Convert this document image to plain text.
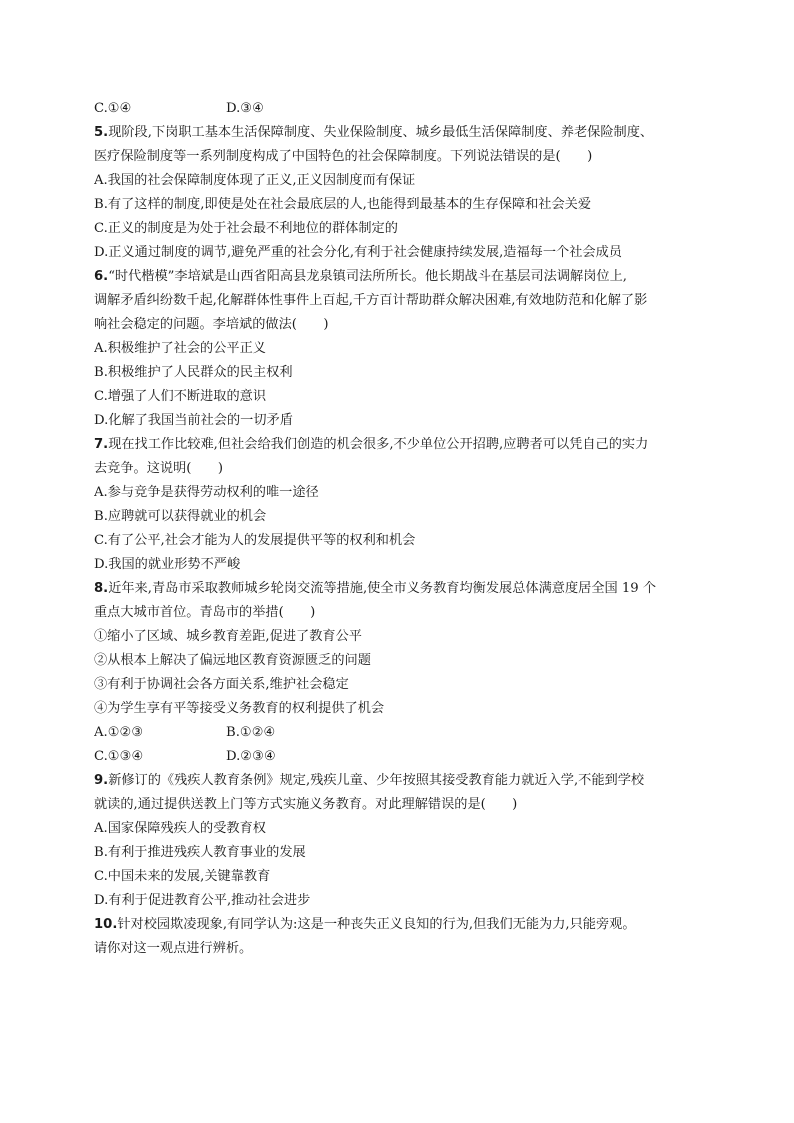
C.①④	D.③④
5.现阶段,下岗职工基本生活保障制度、失业保险制度、城乡最低生活保障制度、养老保险制度、
医疗保险制度等一系列制度构成了中国特色的社会保障制度。下列说法错误的是(　　)
A.我国的社会保障制度体现了正义,正义因制度而有保证
B.有了这样的制度,即使是处在社会最底层的人,也能得到最基本的生存保障和社会关爱
C.正义的制度是为处于社会最不利地位的群体制定的
D.正义通过制度的调节,避免严重的社会分化,有利于社会健康持续发展,造福每一个社会成员
6.“时代楷模”李培斌是山西省阳高县龙泉镇司法所所长。他长期战斗在基层司法调解岗位上,
调解矛盾纠纷数千起,化解群体性事件上百起,千方百计帮助群众解决困难,有效地防范和化解了影
响社会稳定的问题。李培斌的做法(　　)
A.积极维护了社会的公平正义
B.积极维护了人民群众的民主权利
C.增强了人们不断进取的意识
D.化解了我国当前社会的一切矛盾
7.现在找工作比较难,但社会给我们创造的机会很多,不少单位公开招聘,应聘者可以凭自己的实力
去竞争。这说明(　　)
A.参与竞争是获得劳动权利的唯一途径
B.应聘就可以获得就业的机会
C.有了公平,社会才能为人的发展提供平等的权利和机会
D.我国的就业形势不严峻
8.近年来,青岛市采取教师城乡轮岗交流等措施,使全市义务教育均衡发展总体满意度居全国 19 个
重点大城市首位。青岛市的举措(　　)
①缩小了区域、城乡教育差距,促进了教育公平
②从根本上解决了偏远地区教育资源匮乏的问题
③有利于协调社会各方面关系,维护社会稳定
④为学生享有平等接受义务教育的权利提供了机会
A.①②③	B.①②④
C.①③④	D.②③④
9.新修订的《残疾人教育条例》规定,残疾儿童、少年按照其接受教育能力就近入学,不能到学校
就读的,通过提供送教上门等方式实施义务教育。对此理解错误的是(　　)
A.国家保障残疾人的受教育权
B.有利于推进残疾人教育事业的发展
C.中国未来的发展,关键靠教育
D.有利于促进教育公平,推动社会进步
10.针对校园欺凌现象,有同学认为:这是一种丧失正义良知的行为,但我们无能为力,只能旁观。
请你对这一观点进行辨析。
